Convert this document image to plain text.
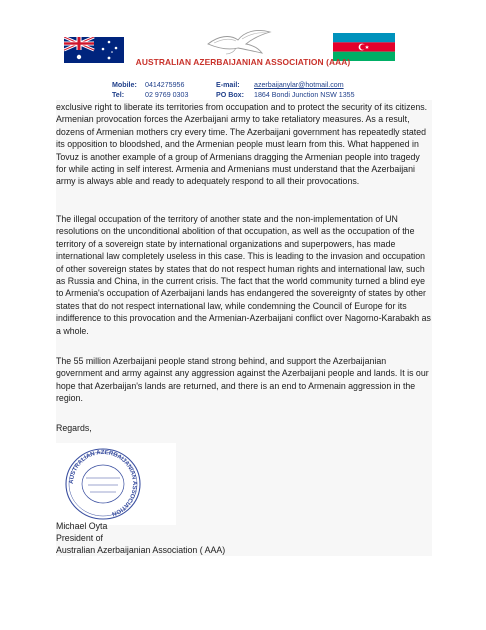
AUSTRALIAN AZERBAIJANIAN ASSOCIATION (AAA)
Mobile: 0414275956
Tel:	02 9769 0303
E-mail: azerbaijanylar@hotmail.com
PO Box: 1864 Bondi Junction NSW 1355

exclusive right to liberate its territories from occupation and to protect the security of its citizens. Armenian provocation forces the Azerbaijani army to take retaliatory measures. As a result, dozens of Armenian mothers cry every time. The Azerbaijani government has repeatedly stated its opposition to bloodshed, and the Armenian people must learn from this. What happened in Tovuz is another example of a group of Armenians dragging the Armenian people into tragedy for while acting in self interest. Armenia and Armenians must understand that the Azerbaijani army is always able and ready to adequately respond to all their provocations.

The illegal occupation of the territory of another state and the non-implementation of UN resolutions on the unconditional abolition of that occupation, as well as the occupation of the territory of a sovereign state by international organizations and superpowers, has made international law completely useless in this case. This is leading to the invasion and occupation of other sovereign states by states that do not respect human rights and international law, such as Russia and China, in the current crisis. The fact that the world community turned a blind eye to Armenia's occupation of Azerbaijani lands has endangered the sovereignty of states by other states that do not respect international law, while condemning the Council of Europe for its indifference to this provocation and the Armenian-Azerbaijani conflict over Nagorno-Karabakh as a whole.

The 55 million Azerbaijani people stand strong behind, and support the Azerbaijanian government and army against any aggression against the Azerbaijani people and lands. It is our hope that Azerbaijan's lands are returned, and there is an end to Armenain aggression in the region.

Regards,

AUSTRALIAN AZERBAIJANIAN ASSOCIATION
Michael Oyta
President of
Australian Azerbaijanian Association ( AAA)
